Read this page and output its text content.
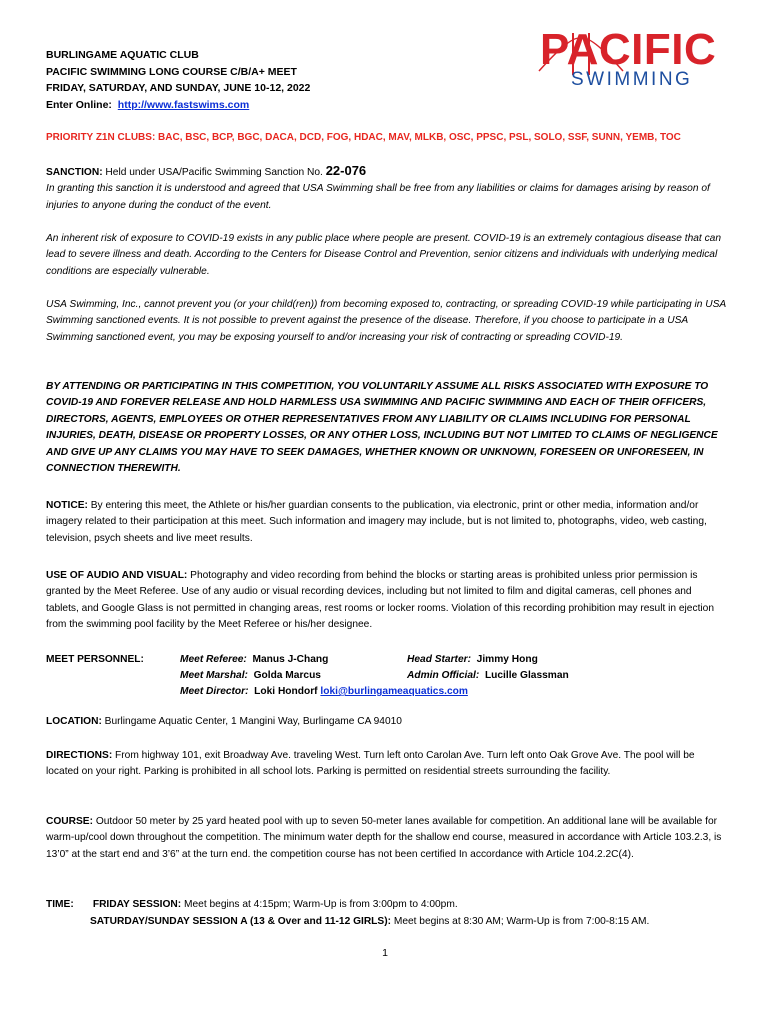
BURLINGAME AQUATIC CLUB
PACIFIC SWIMMING LONG COURSE C/B/A+ MEET
FRIDAY, SATURDAY, AND SUNDAY, JUNE 10-12, 2022
Enter Online: http://www.fastswims.com
PACIFIC
SWIMMING
PRIORITY Z1N CLUBS: BAC, BSC, BCP, BGC, DACA, DCD, FOG, HDAC, MAV, MLKB, OSC, PPSC, PSL, SOLO, SSF, SUNN, YEMB, TOC
SANCTION: Held under USA/Pacific Swimming Sanction No. 22-076
In granting this sanction it is understood and agreed that USA Swimming shall be free from any liabilities or claims for damages arising by reason of injuries to anyone during the conduct of the event.
An inherent risk of exposure to COVID-19 exists in any public place where people are present. COVID-19 is an extremely contagious disease that can lead to severe illness and death. According to the Centers for Disease Control and Prevention, senior citizens and individuals with underlying medical conditions are especially vulnerable.
USA Swimming, Inc., cannot prevent you (or your child(ren)) from becoming exposed to, contracting, or spreading COVID-19 while participating in USA Swimming sanctioned events. It is not possible to prevent against the presence of the disease. Therefore, if you choose to participate in a USA Swimming sanctioned event, you may be exposing yourself to and/or increasing your risk of contracting or spreading COVID-19.
BY ATTENDING OR PARTICIPATING IN THIS COMPETITION, YOU VOLUNTARILY ASSUME ALL RISKS ASSOCIATED WITH EXPOSURE TO COVID-19 AND FOREVER RELEASE AND HOLD HARMLESS USA SWIMMING AND PACIFIC SWIMMING AND EACH OF THEIR OFFICERS, DIRECTORS, AGENTS, EMPLOYEES OR OTHER REPRESENTATIVES FROM ANY LIABILITY OR CLAIMS INCLUDING FOR PERSONAL INJURIES, DEATH, DISEASE OR PROPERTY LOSSES, OR ANY OTHER LOSS, INCLUDING BUT NOT LIMITED TO CLAIMS OF NEGLIGENCE AND GIVE UP ANY CLAIMS YOU MAY HAVE TO SEEK DAMAGES, WHETHER KNOWN OR UNKNOWN, FORESEEN OR UNFORESEEN, IN CONNECTION THEREWITH.
NOTICE: By entering this meet, the Athlete or his/her guardian consents to the publication, via electronic, print or other media, information and/or imagery related to their participation at this meet. Such information and imagery may include, but is not limited to, photographs, video, web casting, television, psych sheets and live meet results.
USE OF AUDIO AND VISUAL: Photography and video recording from behind the blocks or starting areas is prohibited unless prior permission is granted by the Meet Referee. Use of any audio or visual recording devices, including but not limited to film and digital cameras, cell phones and tablets, and Google Glass is not permitted in changing areas, rest rooms or locker rooms. Violation of this recording prohibition may result in ejection from the swimming pool facility by the Meet Referee or his/her designee.
MEET PERSONNEL:	Meet Referee: Manus J-Chang	Head Starter: Jimmy Hong
Meet Marshal: Golda Marcus	Admin Official: Lucille Glassman
Meet Director: Loki Hondorf loki@burlingameaquatics.com
LOCATION: Burlingame Aquatic Center, 1 Mangini Way, Burlingame CA 94010
DIRECTIONS: From highway 101, exit Broadway Ave. traveling West. Turn left onto Carolan Ave. Turn left onto Oak Grove Ave. The pool will be located on your right. Parking is prohibited in all school lots. Parking is permitted on residential streets surrounding the facility.
COURSE: Outdoor 50 meter by 25 yard heated pool with up to seven 50-meter lanes available for competition. An additional lane will be available for warm-up/cool down throughout the competition. The minimum water depth for the shallow end course, measured in accordance with Article 103.2.3, is 13’0” at the start end and 3’6” at the turn end. the competition course has not been certified In accordance with Article 104.2.2C(4).
TIME: FRIDAY SESSION: Meet begins at 4:15pm; Warm-Up is from 3:00pm to 4:00pm.
SATURDAY/SUNDAY SESSION A (13 & Over and 11-12 GIRLS): Meet begins at 8:30 AM; Warm-Up is from 7:00-8:15 AM.
1
